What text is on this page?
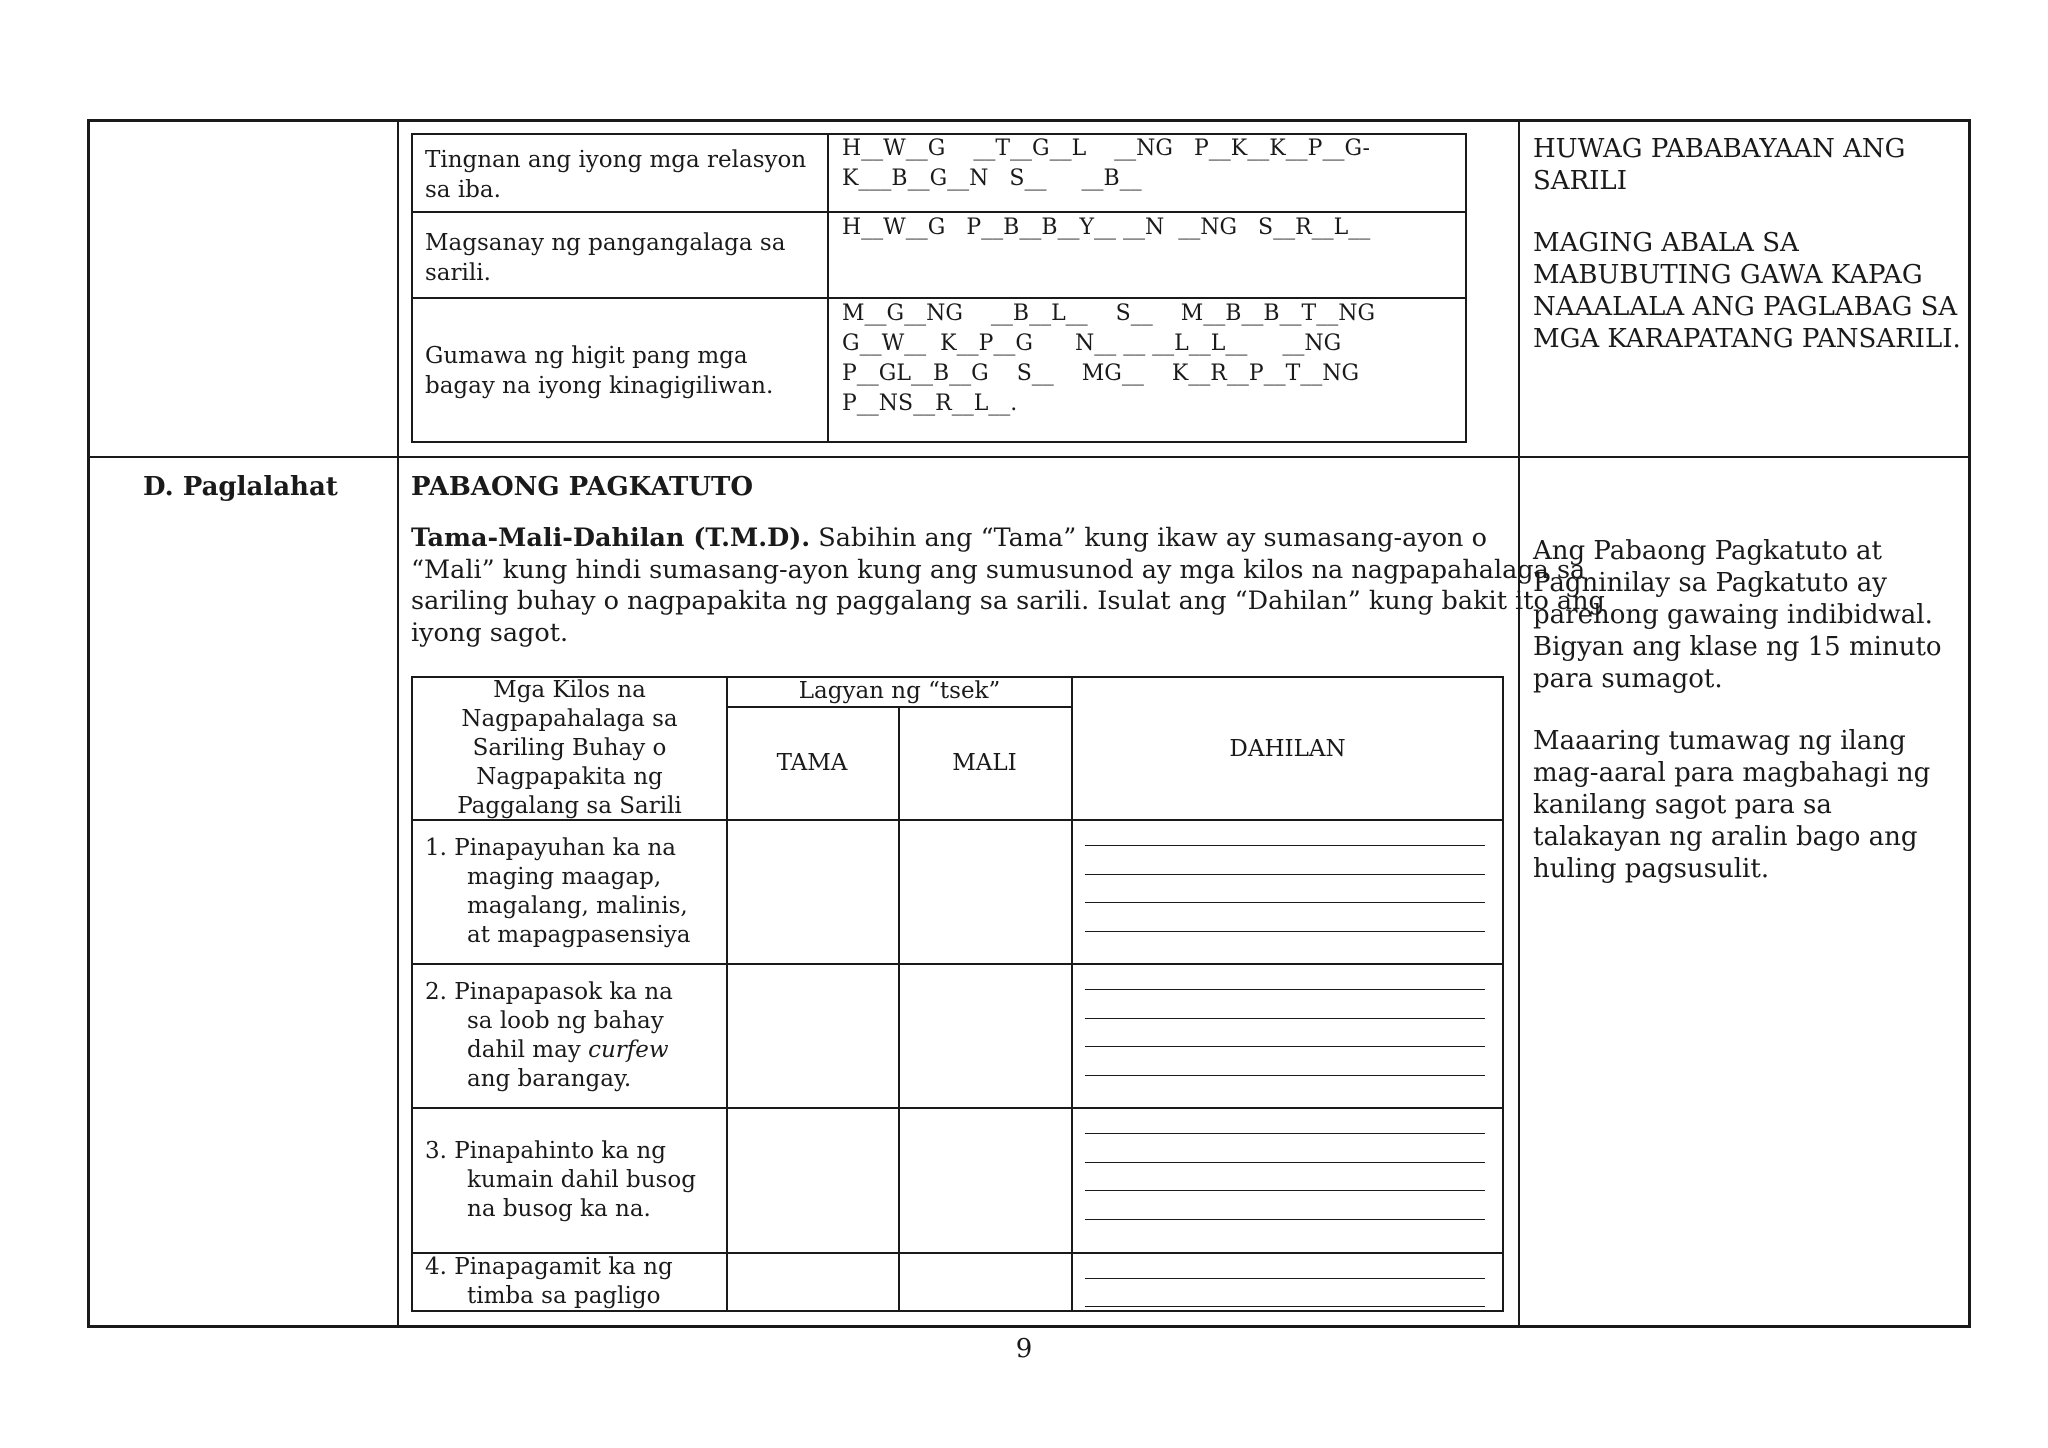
Tingnan ang iyong mga relasyon
sa iba.
H__W__G    __T__G__L    __NG   P__K__K__P__G-
K___B__G__N   S__     __B__
Magsanay ng pangangalaga sa
sarili.
H__W__G   P__B__B__Y__ __N  __NG   S__R__L__
Gumawa ng higit pang mga
bagay na iyong kinagigiliwan.
M__G__NG    __B__L__    S__    M__B__B__T__NG
G__W__  K__P__G      N__ __ __L__L__     __NG
P__GL__B__G    S__    MG__    K__R__P__T__NG
P__NS__R__L__.
HUWAG PABABAYAAN ANG
SARILI
MAGING ABALA SA
MABUBUTING GAWA KAPAG
NAAALALA ANG PAGLABAG SA
MGA KARAPATANG PANSARILI.
D. Paglalahat	PABAONG PAGKATUTO
Tama-Mali-Dahilan (T.M.D). Sabihin ang “Tama” kung ikaw ay sumasang-ayon o
“Mali” kung hindi sumasang-ayon kung ang sumusunod ay mga kilos na nagpapahalaga sa
sariling buhay o nagpapakita ng paggalang sa sarili. Isulat ang “Dahilan” kung bakit ito ang
iyong sagot.
Mga Kilos na
Nagpapahalaga sa
Sariling Buhay o
Nagpapakita ng
Paggalang sa Sarili
Lagyan ng “tsek”
TAMA	MALI
DAHILAN
1. Pinapayuhan ka na
maging maagap,
magalang, malinis,
at mapagpasensiya
2. Pinapapasok ka na
sa loob ng bahay
dahil may curfew
ang barangay.
3. Pinapahinto ka ng
kumain dahil busog
na busog ka na.
4. Pinapagamit ka ng
timba sa pagligo
Ang Pabaong Pagkatuto at
Pagninilay sa Pagkatuto ay
parehong gawaing indibidwal.
Bigyan ang klase ng 15 minuto
para sumagot.
Maaaring tumawag ng ilang
mag-aaral para magbahagi ng
kanilang sagot para sa
talakayan ng aralin bago ang
huling pagsusulit.
9
